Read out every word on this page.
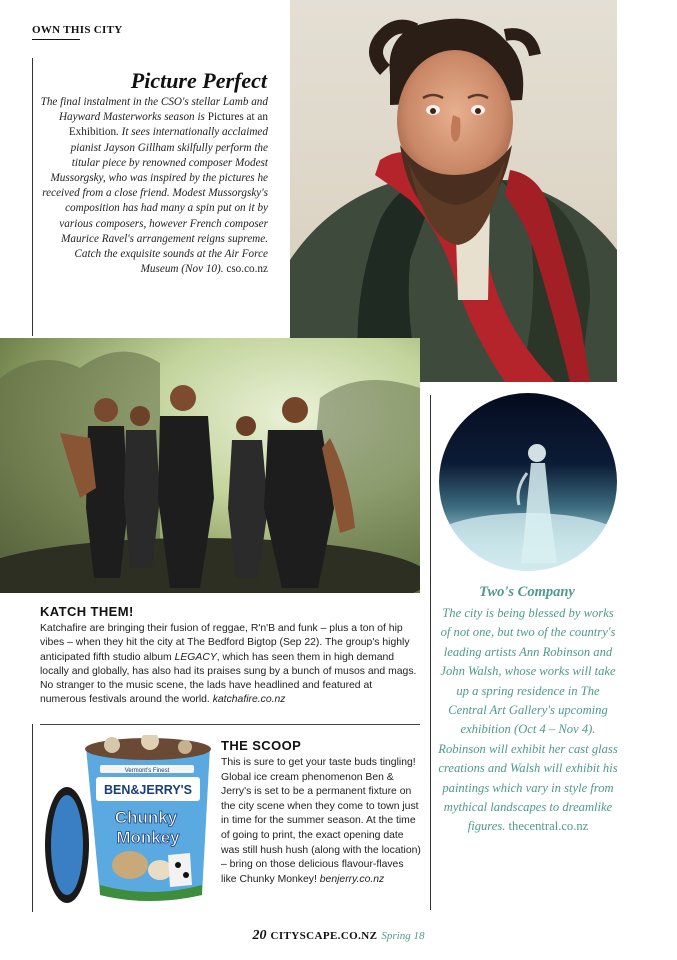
OWN THIS CITY
Picture Perfect
The final instalment in the CSO's stellar Lamb and Hayward Masterworks season is Pictures at an Exhibition. It sees internationally acclaimed pianist Jayson Gillham skilfully perform the titular piece by renowned composer Modest Mussorgsky, who was inspired by the pictures he received from a close friend. Modest Mussorgsky's composition has had many a spin put on it by various composers, however French composer Maurice Ravel's arrangement reigns supreme. Catch the exquisite sounds at the Air Force Museum (Nov 10). cso.co.nz
KATCH THEM!
Katchafire are bringing their fusion of reggae, R'n'B and funk – plus a ton of hip vibes – when they hit the city at The Bedford Bigtop (Sep 22). The group's highly anticipated fifth studio album LEGACY, which has seen them in high demand locally and globally, has also had its praises sung by a bunch of musos and mags. No stranger to the music scene, the lads have headlined and featured at numerous festivals around the world. katchafire.co.nz
Vermont's Finest
BEN&JERRY'S
Chunky
Monkey
THE SCOOP
This is sure to get your taste buds tingling! Global ice cream phenomenon Ben & Jerry's is set to be a permanent fixture on the city scene when they come to town just in time for the summer season. At the time of going to print, the exact opening date was still hush hush (along with the location) – bring on those delicious flavour-flaves like Chunky Monkey! benjerry.co.nz
Two's Company
The city is being blessed by works of not one, but two of the country's leading artists Ann Robinson and John Walsh, whose works will take up a spring residence in The Central Art Gallery's upcoming exhibition (Oct 4 – Nov 4). Robinson will exhibit her cast glass creations and Walsh will exhibit his paintings which vary in style from mythical landscapes to dreamlike figures. thecentral.co.nz
20 CITYSCAPE.CO.NZ Spring 18
